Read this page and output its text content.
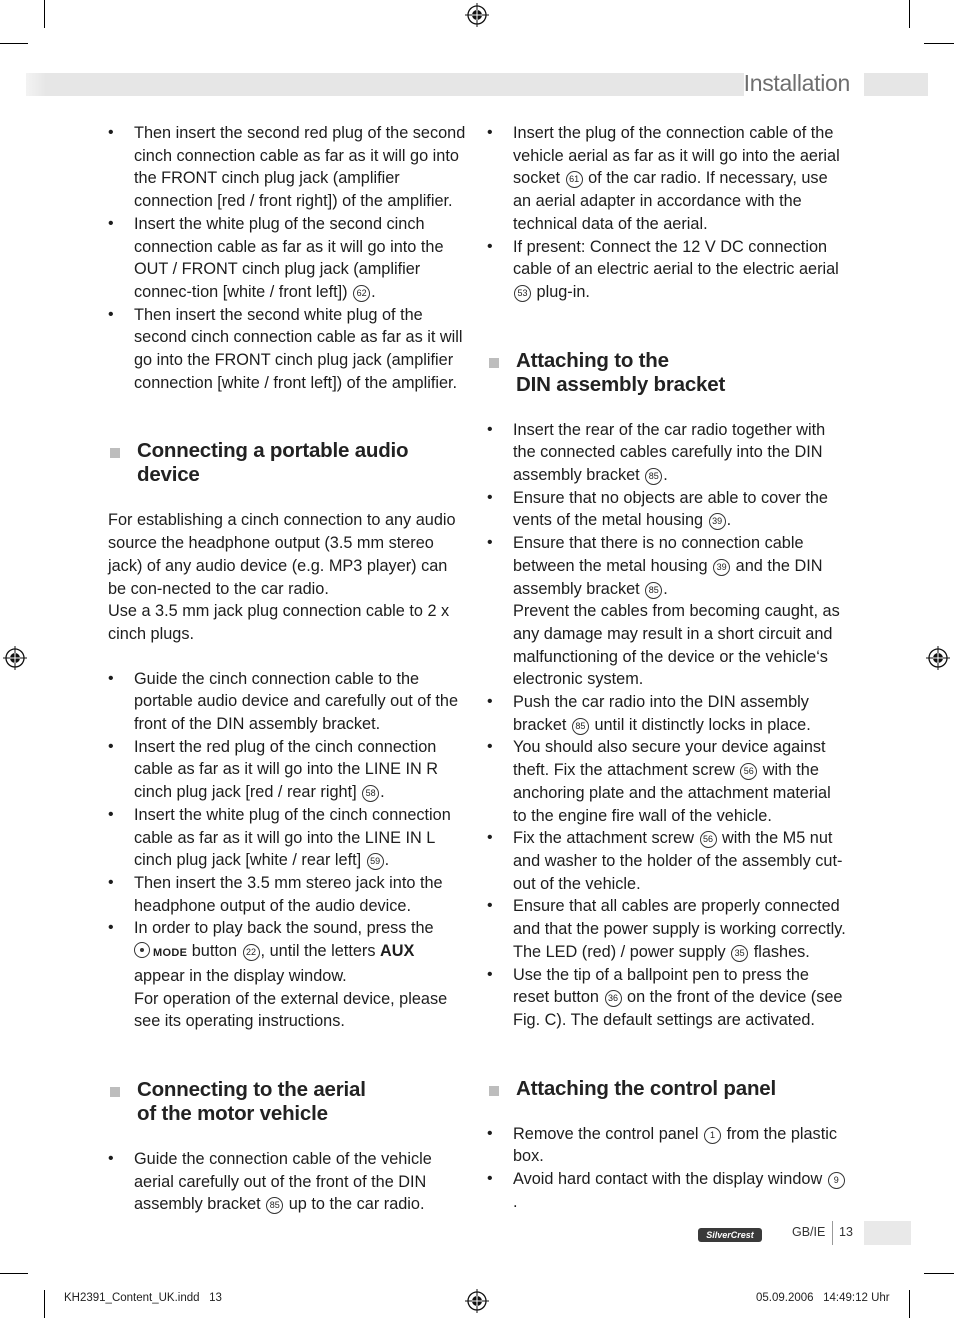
Installation
• Then insert the second red plug of the second cinch connection cable as far as it will go into the FRONT cinch plug jack (amplifier connection [red / front right]) of the amplifier.
• Insert the white plug of the second cinch connection cable as far as it will go into the OUT / FRONT cinch plug jack (amplifier connec-tion [white / front left]) 62 .
• Then insert the second white plug of the second cinch connection cable as far as it will go into the FRONT cinch plug jack (amplifier connection [white / front left]) of the amplifier.
Connecting a portable audio device

For establishing a cinch connection to any audio source the headphone output (3.5 mm stereo jack) of any audio device (e.g. MP3 player) can be con-nected to the car radio.

Use a 3.5 mm jack plug connection cable to 2 x cinch plugs.

• Guide the cinch connection cable to the portable audio device and carefully out of the front of the DIN assembly bracket.
• Insert the red plug of the cinch connection cable as far as it will go into the LINE IN R cinch plug jack [red / rear right] 58 .
• Insert the white plug of the cinch connection cable as far as it will go into the LINE IN L cinch plug jack [white / rear left] 59 .
• Then insert the 3.5 mm stereo jack into the headphone output of the audio device.
• In order to play back the sound, press the
MODE button 22 , until the letters AUX appear in the display window.
For operation of the external device, please see its operating instructions.
Connecting to the aerial
of the motor vehicle
• Guide the connection cable of the vehicle aerial carefully out of the front of the DIN assembly bracket 85 up to the car radio.
• Insert the plug of the connection cable of the vehicle aerial as far as it will go into the aerial socket 61 of the car radio. If necessary, use an aerial adapter in accordance with the technical data of the aerial.
• If present: Connect the 12 V DC connection cable of an electric aerial to the electric aerial 53 plug-in.
Attaching to the
DIN assembly bracket
• Insert the rear of the car radio together with the connected cables carefully into the DIN assembly bracket 85 .
• Ensure that no objects are able to cover the vents of the metal housing 39 .
• Ensure that there is no connection cable between the metal housing 39 and the DIN assembly bracket 85 .
Prevent the cables from becoming caught, as any damage may result in a short circuit and malfunctioning of the device or the vehicle‘s electronic system.
• Push the car radio into the DIN assembly bracket 85 until it distinctly locks in place.
• You should also secure your device against theft. Fix the attachment screw 56 with the anchoring plate and the attachment material to the engine fire wall of the vehicle.
• Fix the attachment screw 56 with the M5 nut and washer to the holder of the assembly cut-out of the vehicle.
• Ensure that all cables are properly connected and that the power supply is working correctly. The LED (red) / power supply 35 flashes.
• Use the tip of a ballpoint pen to press the reset button 36 on the front of the device (see Fig. C). The default settings are activated.
Attaching the control panel
• Remove the control panel 1 from the plastic box.
• Avoid hard contact with the display window 9.
SilverCrest	GB/IE 13
KH2391_Content_UK.indd   13	05.09.2006   14:49:12 Uhr
